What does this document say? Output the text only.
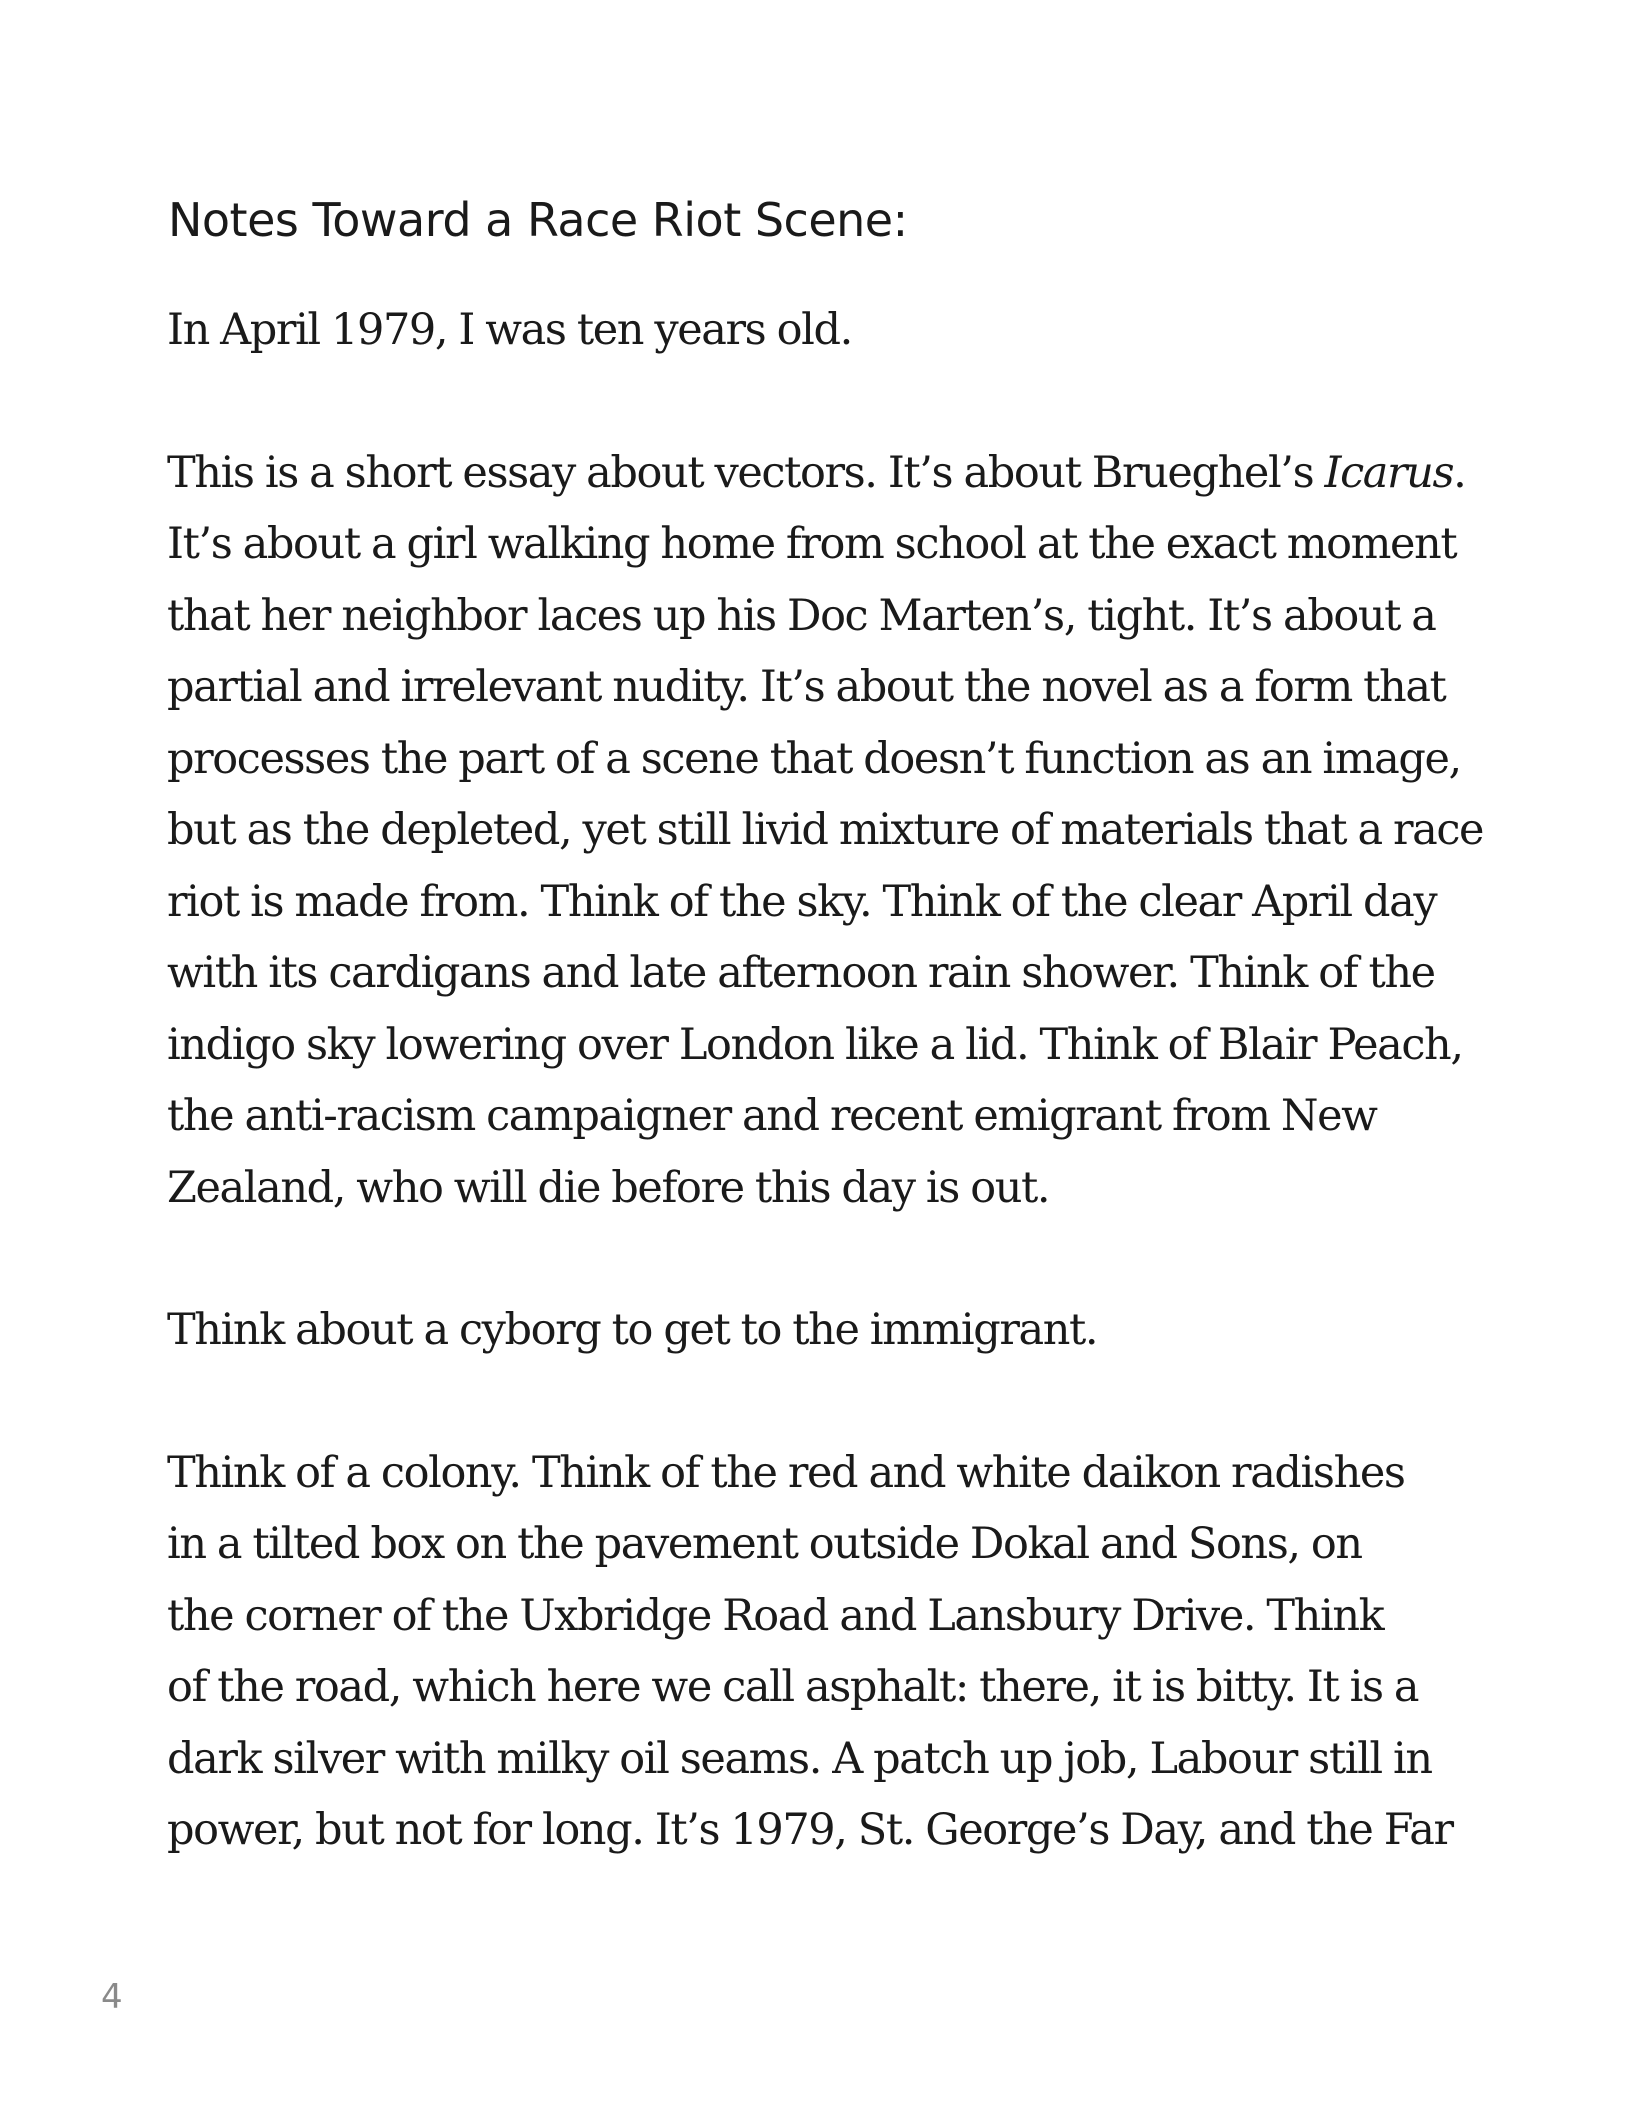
Notes Toward a Race Riot Scene:

In April 1979, I was ten years old.

This is a short essay about vectors. It’s about Brueghel’s Icarus.
It’s about a girl walking home from school at the exact moment
that her neighbor laces up his Doc Marten’s, tight. It’s about a
partial and irrelevant nudity. It’s about the novel as a form that
processes the part of a scene that doesn’t function as an image,
but as the depleted, yet still livid mixture of materials that a race
riot is made from. Think of the sky. Think of the clear April day
with its cardigans and late afternoon rain shower. Think of the
indigo sky lowering over London like a lid. Think of Blair Peach,
the anti-racism campaigner and recent emigrant from New
Zealand, who will die before this day is out.

Think about a cyborg to get to the immigrant.

Think of a colony. Think of the red and white daikon radishes
in a tilted box on the pavement outside Dokal and Sons, on
the corner of the Uxbridge Road and Lansbury Drive. Think
of the road, which here we call asphalt: there, it is bitty. It is a
dark silver with milky oil seams. A patch up job, Labour still in
power, but not for long. It’s 1979, St. George’s Day, and the Far

4
